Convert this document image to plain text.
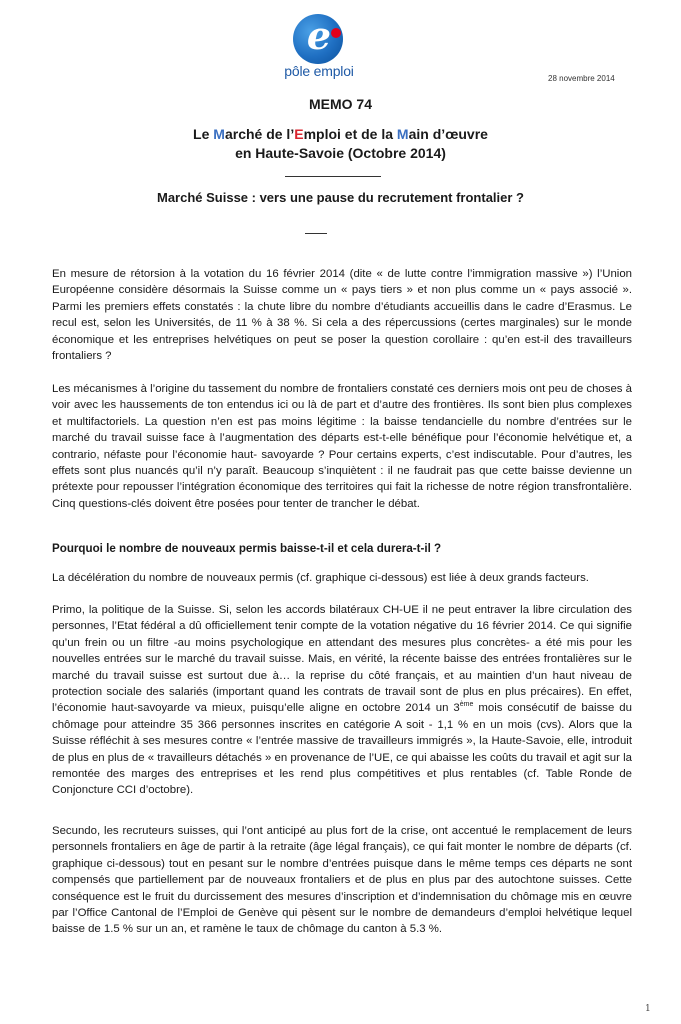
e
pôle emploi	28 novembre 2014
MEMO 74
Le Marché de l’Emploi et de la Main d’œuvre
en Haute-Savoie (Octobre 2014)
Marché Suisse : vers une pause du recrutement frontalier ?

En mesure de rétorsion à la votation du 16 février 2014 (dite « de lutte contre l’immigration massive ») l’Union Européenne considère désormais la Suisse comme un « pays tiers » et non plus comme un « pays associé ». Parmi les premiers effets constatés : la chute libre du nombre d’étudiants accueillis dans le cadre d’Erasmus. Le recul est, selon les Universités, de 11 % à 38 %. Si cela a des répercussions (certes marginales) sur le monde économique et les entreprises helvétiques on peut se poser la question corollaire : qu’en est-il des travailleurs frontaliers ?

Les mécanismes à l’origine du tassement du nombre de frontaliers constaté ces derniers mois ont peu de choses à voir avec les haussements de ton entendus ici ou là de part et d’autre des frontières. Ils sont bien plus complexes et multifactoriels. La question n’en est pas moins légitime : la baisse tendancielle du nombre d’entrées sur le marché du travail suisse face à l’augmentation des départs est-t-elle bénéfique pour l’économie helvétique et, a contrario, néfaste pour l’économie haut- savoyarde ? Pour certains experts, c’est indiscutable. Pour d’autres, les effets sont plus nuancés qu’il n’y paraît. Beaucoup s’inquiètent : il ne faudrait pas que cette baisse devienne un prétexte pour repousser l’intégration économique des territoires qui fait la richesse de notre région transfrontalière. Cinq questions-clés doivent être posées pour tenter de trancher le débat.

Pourquoi le nombre de nouveaux permis baisse-t-il et cela durera-t-il ?

La décélération du nombre de nouveaux permis (cf. graphique ci-dessous) est liée à deux grands facteurs.

Primo, la politique de la Suisse. Si, selon les accords bilatéraux CH-UE il ne peut entraver la libre circulation des personnes, l’Etat fédéral a dû officiellement tenir compte de la votation négative du 16 février 2014. Ce qui signifie qu’un frein ou un filtre -au moins psychologique en attendant des mesures plus concrètes- a été mis pour les nouvelles entrées sur le marché du travail suisse. Mais, en vérité, la récente baisse des entrées frontalières sur le marché du travail suisse est surtout due à… la reprise du côté français, et au maintien d’un haut niveau de protection sociale des salariés (important quand les contrats de travail sont de plus en plus précaires). En effet, l’économie haut-savoyarde va mieux, puisqu’elle aligne en octobre 2014 un 3ème mois consécutif de baisse du chômage pour atteindre 35 366 personnes inscrites en catégorie A soit - 1,1 % en un mois (cvs). Alors que la Suisse réfléchit à ses mesures contre « l’entrée massive de travailleurs immigrés », la Haute-Savoie, elle, introduit de plus en plus de « travailleurs détachés » en provenance de l’UE, ce qui abaisse les coûts du travail et agit sur la remontée des marges des entreprises et les rend plus compétitives et plus rentables (cf. Table Ronde de Conjoncture CCI d’octobre).

Secundo, les recruteurs suisses, qui l’ont anticipé au plus fort de la crise, ont accentué le remplacement de leurs personnels frontaliers en âge de partir à la retraite (âge légal français), ce qui fait monter le nombre de départs (cf. graphique ci-dessous) tout en pesant sur le nombre d’entrées puisque dans le même temps ces départs ne sont compensés que partiellement par de nouveaux frontaliers et de plus en plus par des autochtone suisses. Cette conséquence est le fruit du durcissement des mesures d’inscription et d’indemnisation du chômage mis en œuvre par l’Office Cantonal de l’Emploi de Genève qui pèsent sur le nombre de demandeurs d’emploi helvétique lequel baisse de 1.5 % sur un an, et ramène le taux de chômage du canton à 5.3 %.

1
